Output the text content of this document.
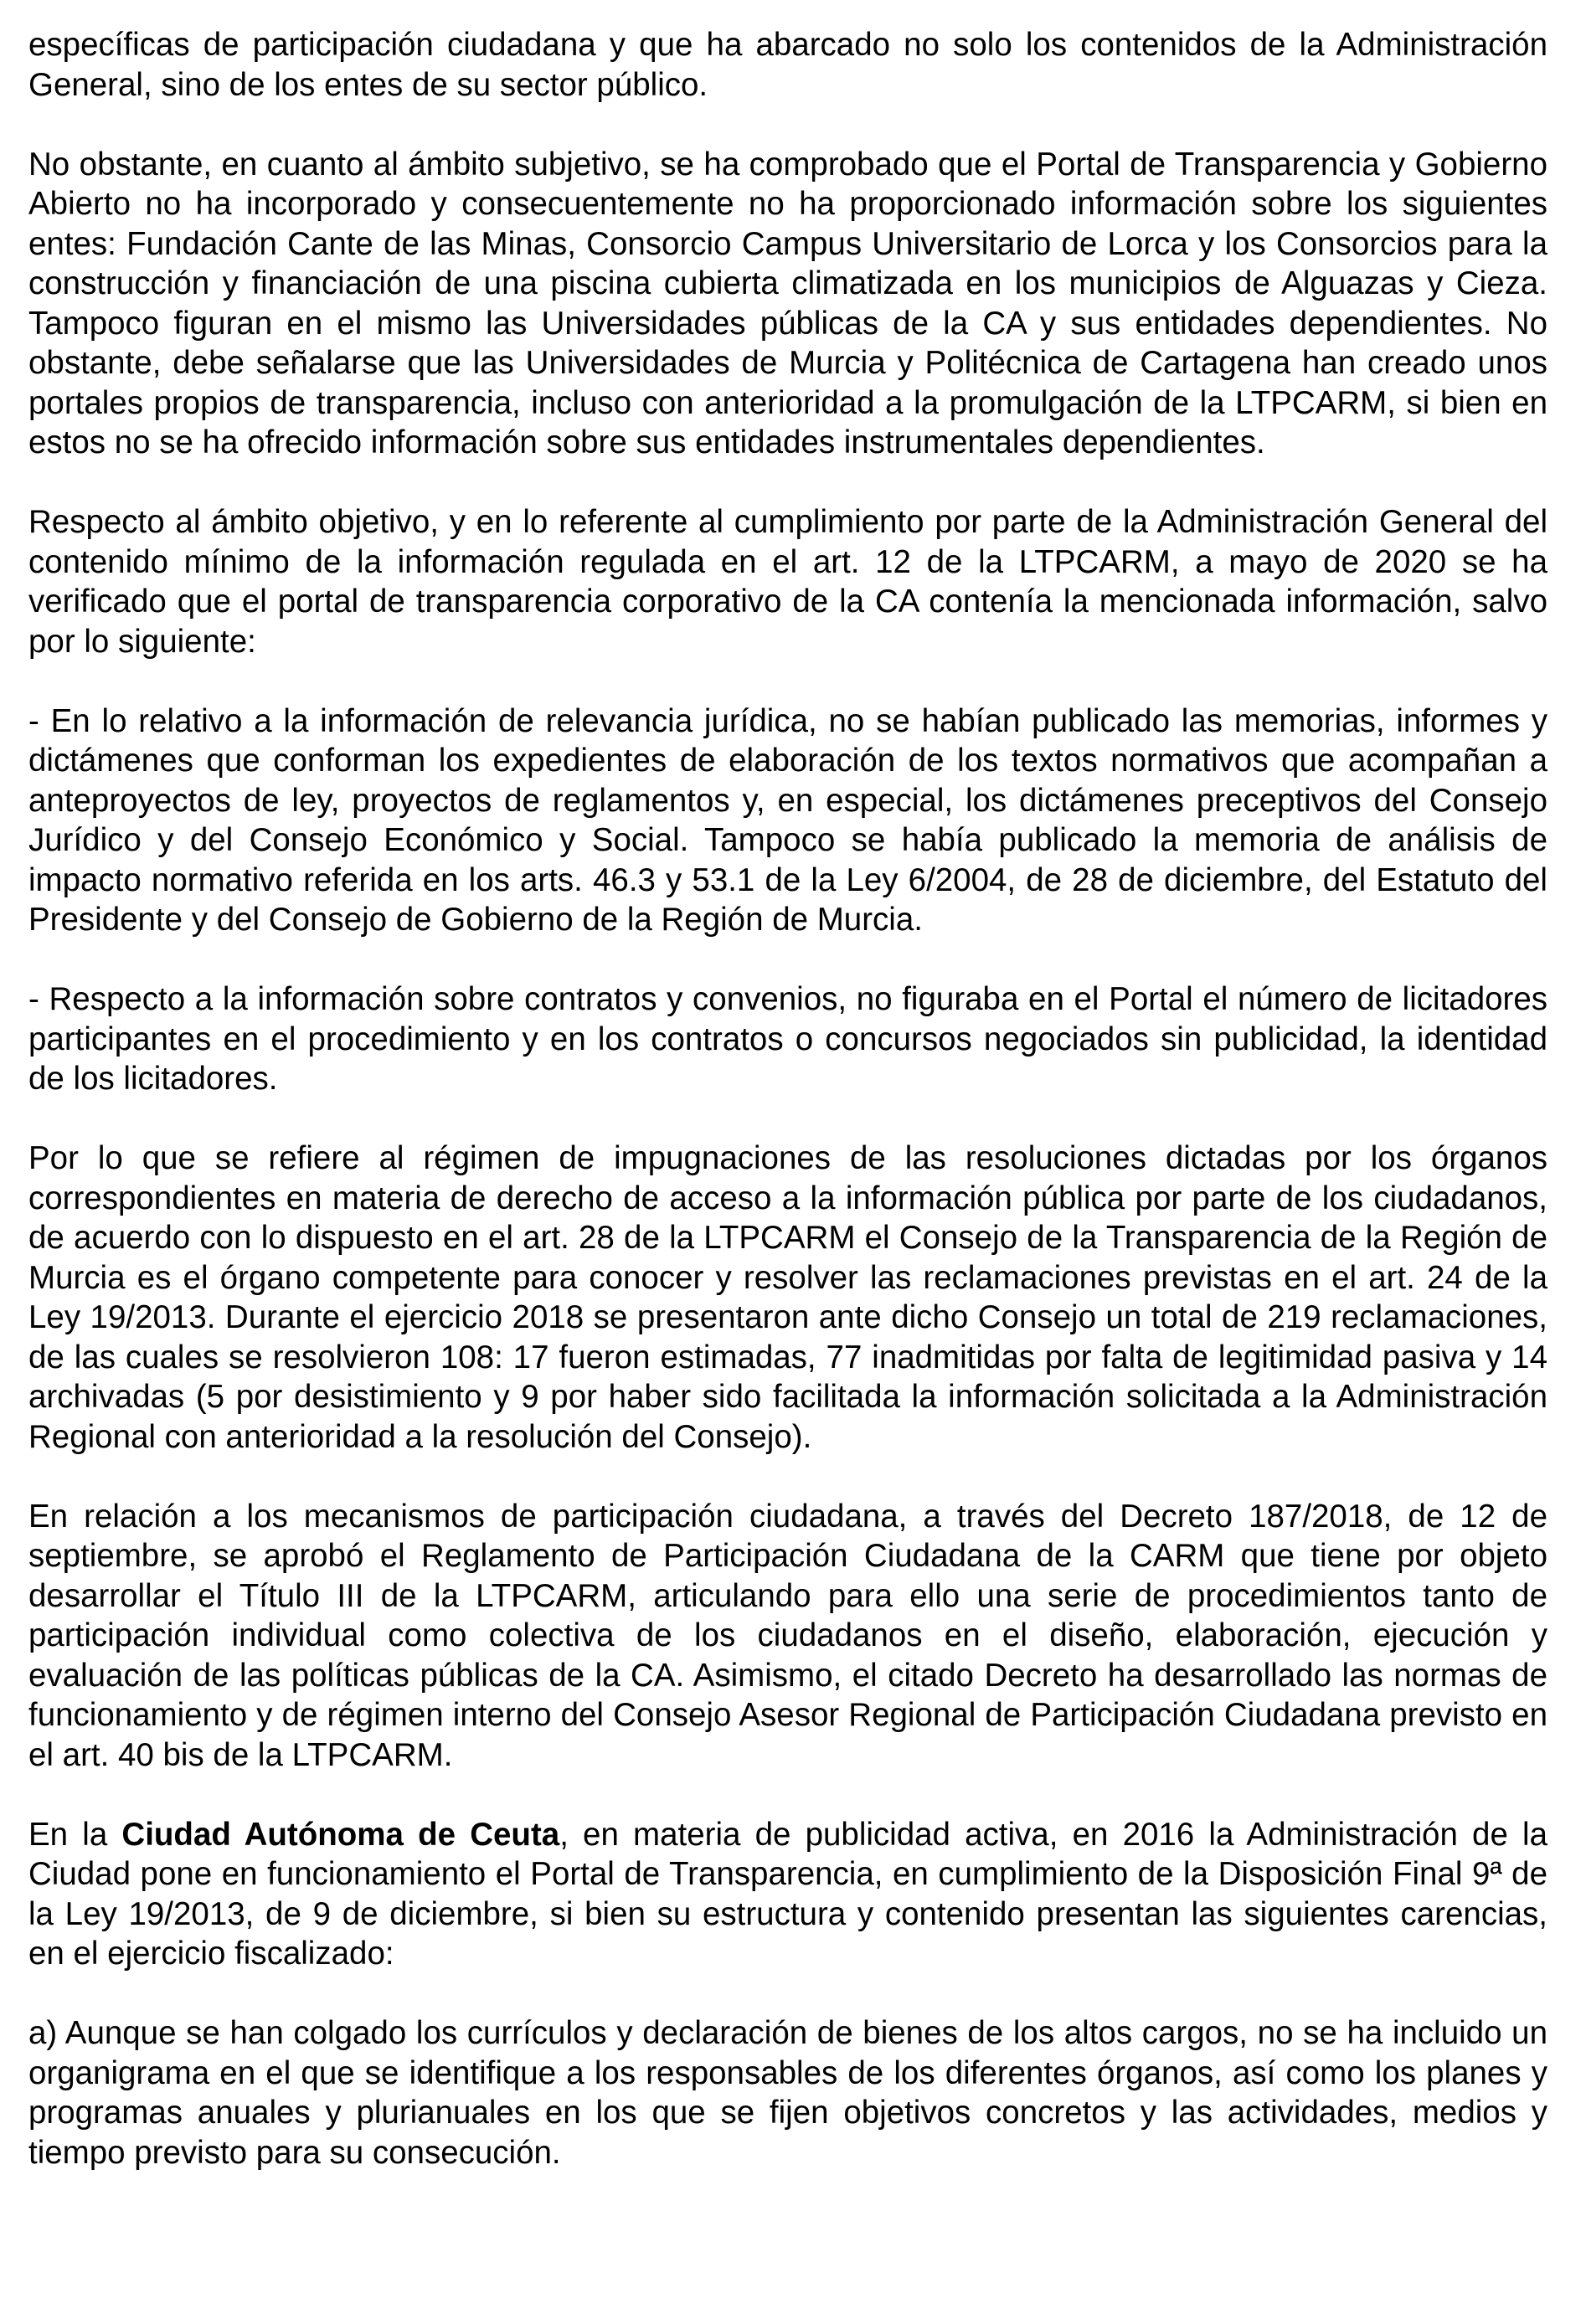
específicas de participación ciudadana y que ha abarcado no solo los contenidos de la Administración General, sino de los entes de su sector público.

No obstante, en cuanto al ámbito subjetivo, se ha comprobado que el Portal de Transparencia y Gobierno Abierto no ha incorporado y consecuentemente no ha proporcionado información sobre los siguientes entes: Fundación Cante de las Minas, Consorcio Campus Universitario de Lorca y los Consorcios para la construcción y financiación de una piscina cubierta climatizada en los municipios de Alguazas y Cieza. Tampoco figuran en el mismo las Universidades públicas de la CA y sus entidades dependientes. No obstante, debe señalarse que las Universidades de Murcia y Politécnica de Cartagena han creado unos portales propios de transparencia, incluso con anterioridad a la promulgación de la LTPCARM, si bien en estos no se ha ofrecido información sobre sus entidades instrumentales dependientes.

Respecto al ámbito objetivo, y en lo referente al cumplimiento por parte de la Administración General del contenido mínimo de la información regulada en el art. 12 de la LTPCARM, a mayo de 2020 se ha verificado que el portal de transparencia corporativo de la CA contenía la mencionada información, salvo por lo siguiente:

- En lo relativo a la información de relevancia jurídica, no se habían publicado las memorias, informes y dictámenes que conforman los expedientes de elaboración de los textos normativos que acompañan a anteproyectos de ley, proyectos de reglamentos y, en especial, los dictámenes preceptivos del Consejo Jurídico y del Consejo Económico y Social. Tampoco se había publicado la memoria de análisis de impacto normativo referida en los arts. 46.3 y 53.1 de la Ley 6/2004, de 28 de diciembre, del Estatuto del Presidente y del Consejo de Gobierno de la Región de Murcia.

- Respecto a la información sobre contratos y convenios, no figuraba en el Portal el número de licitadores participantes en el procedimiento y en los contratos o concursos negociados sin publicidad, la identidad de los licitadores.

Por lo que se refiere al régimen de impugnaciones de las resoluciones dictadas por los órganos correspondientes en materia de derecho de acceso a la información pública por parte de los ciudadanos, de acuerdo con lo dispuesto en el art. 28 de la LTPCARM el Consejo de la Transparencia de la Región de Murcia es el órgano competente para conocer y resolver las reclamaciones previstas en el art. 24 de la Ley 19/2013. Durante el ejercicio 2018 se presentaron ante dicho Consejo un total de 219 reclamaciones, de las cuales se resolvieron 108: 17 fueron estimadas, 77 inadmitidas por falta de legitimidad pasiva y 14 archivadas (5 por desistimiento y 9 por haber sido facilitada la información solicitada a la Administración Regional con anterioridad a la resolución del Consejo).

En relación a los mecanismos de participación ciudadana, a través del Decreto 187/2018, de 12 de septiembre, se aprobó el Reglamento de Participación Ciudadana de la CARM que tiene por objeto desarrollar el Título III de la LTPCARM, articulando para ello una serie de procedimientos tanto de participación individual como colectiva de los ciudadanos en el diseño, elaboración, ejecución y evaluación de las políticas públicas de la CA. Asimismo, el citado Decreto ha desarrollado las normas de funcionamiento y de régimen interno del Consejo Asesor Regional de Participación Ciudadana previsto en el art. 40 bis de la LTPCARM.

En la Ciudad Autónoma de Ceuta, en materia de publicidad activa, en 2016 la Administración de la Ciudad pone en funcionamiento el Portal de Transparencia, en cumplimiento de la Disposición Final 9ª de la Ley 19/2013, de 9 de diciembre, si bien su estructura y contenido presentan las siguientes carencias, en el ejercicio fiscalizado:

a) Aunque se han colgado los currículos y declaración de bienes de los altos cargos, no se ha incluido un organigrama en el que se identifique a los responsables de los diferentes órganos, así como los planes y programas anuales y plurianuales en los que se fijen objetivos concretos y las actividades, medios y tiempo previsto para su consecución.
